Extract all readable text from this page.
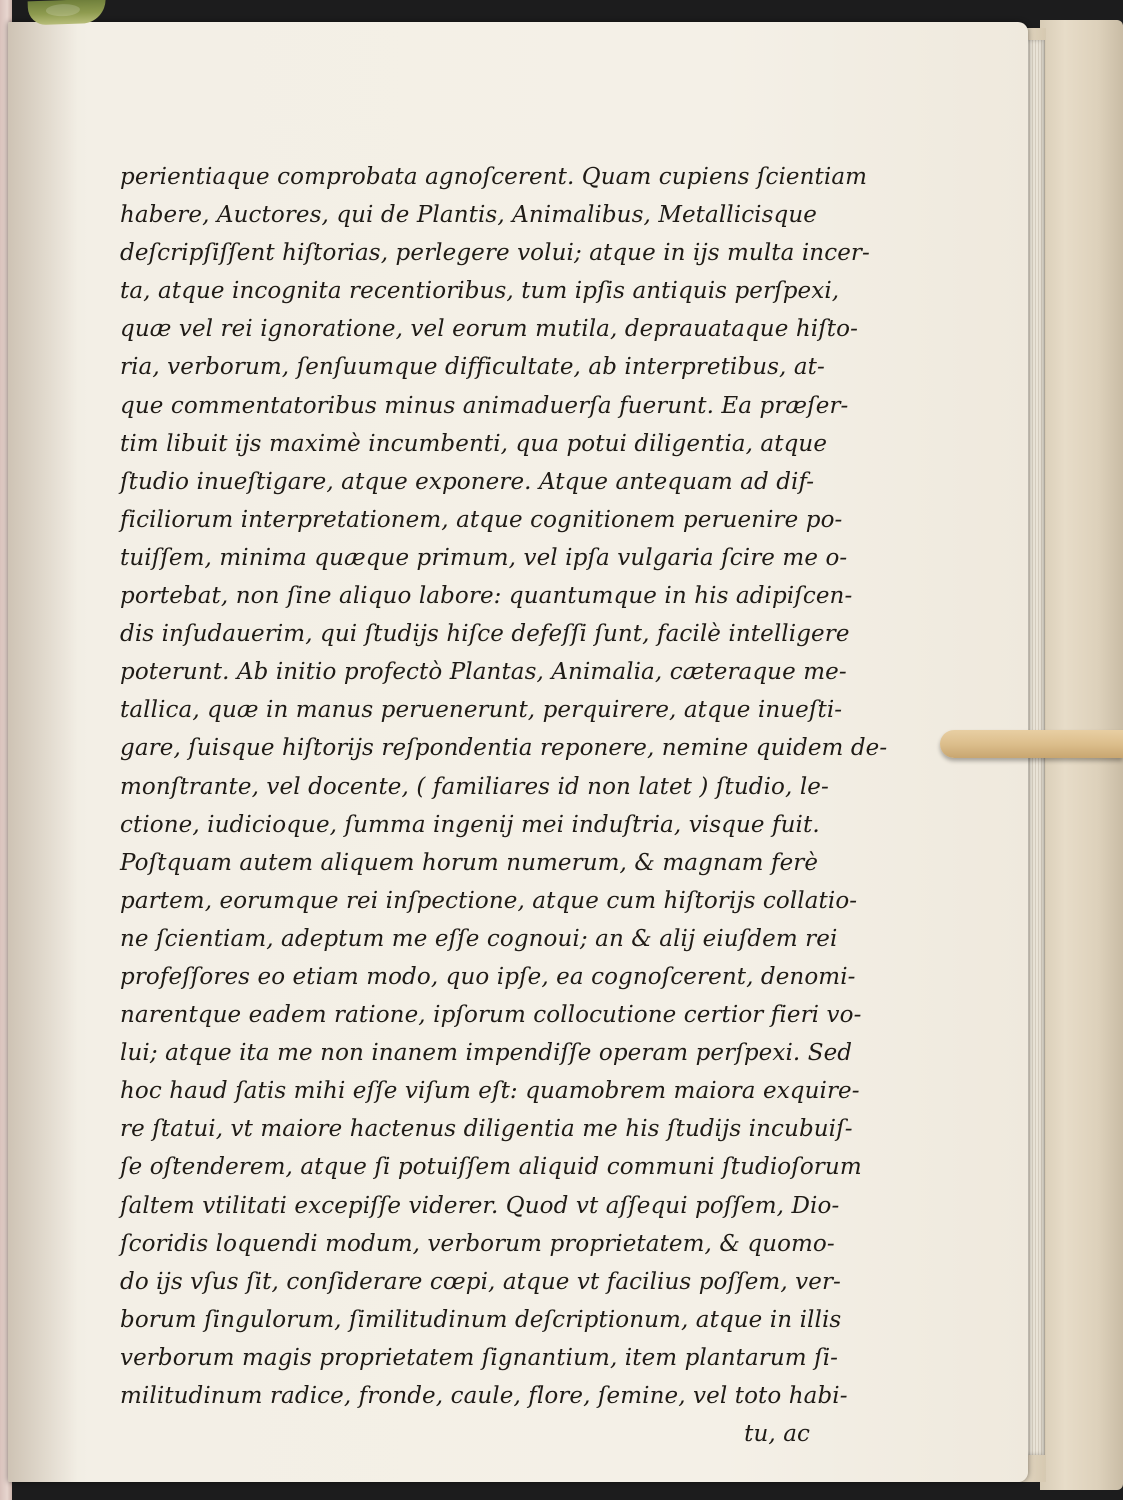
perientiaque comprobata agnoſcerent. Quam cupiens ſcientiam
habere, Auctores, qui de Plantis, Animalibus, Metallicisque
deſcripſiſſent hiſtorias, perlegere volui; atque in ijs multa incer-
ta, atque incognita recentioribus, tum ipſis antiquis perſpexi,
quæ vel rei ignoratione, vel eorum mutila, deprauataque hiſto-
ria, verborum, ſenſuumque difficultate, ab interpretibus, at-
que commentatoribus minus animaduerſa fuerunt. Ea præſer-
tim libuit ijs maximè incumbenti, qua potui diligentia, atque
ſtudio inueſtigare, atque exponere. Atque antequam ad dif-
ficiliorum interpretationem, atque cognitionem peruenire po-
tuiſſem, minima quæque primum, vel ipſa vulgaria ſcire me o-
portebat, non ſine aliquo labore: quantumque in his adipiſcen-
dis inſudauerim, qui ſtudijs hiſce defeſſi ſunt, facilè intelligere
poterunt. Ab initio profectò Plantas, Animalia, cæteraque me-
tallica, quæ in manus peruenerunt, perquirere, atque inueſti-
gare, ſuisque hiſtorijs reſpondentia reponere, nemine quidem de-
monſtrante, vel docente, ( familiares id non latet ) ſtudio, le-
ctione, iudicioque, ſumma ingenij mei induſtria, visque fuit.
Poſtquam autem aliquem horum numerum, & magnam ferè
partem, eorumque rei inſpectione, atque cum hiſtorijs collatio-
ne ſcientiam, adeptum me eſſe cognoui; an & alij eiuſdem rei
profeſſores eo etiam modo, quo ipſe, ea cognoſcerent, denomi-
narentque eadem ratione, ipſorum collocutione certior fieri vo-
lui; atque ita me non inanem impendiſſe operam perſpexi. Sed
hoc haud ſatis mihi eſſe viſum eſt: quamobrem maiora exquire-
re ſtatui, vt maiore hactenus diligentia me his ſtudijs incubuiſ-
ſe oſtenderem, atque ſi potuiſſem aliquid communi ſtudioſorum
ſaltem vtilitati excepiſſe viderer. Quod vt aſſequi poſſem, Dio-
ſcoridis loquendi modum, verborum proprietatem, & quomo-
do ijs vſus ſit, conſiderare cœpi, atque vt facilius poſſem, ver-
borum ſingulorum, ſimilitudinum deſcriptionum, atque in illis
verborum magis proprietatem ſignantium, item plantarum ſi-
militudinum radice, fronde, caule, flore, ſemine, vel toto habi-
tu, ac
